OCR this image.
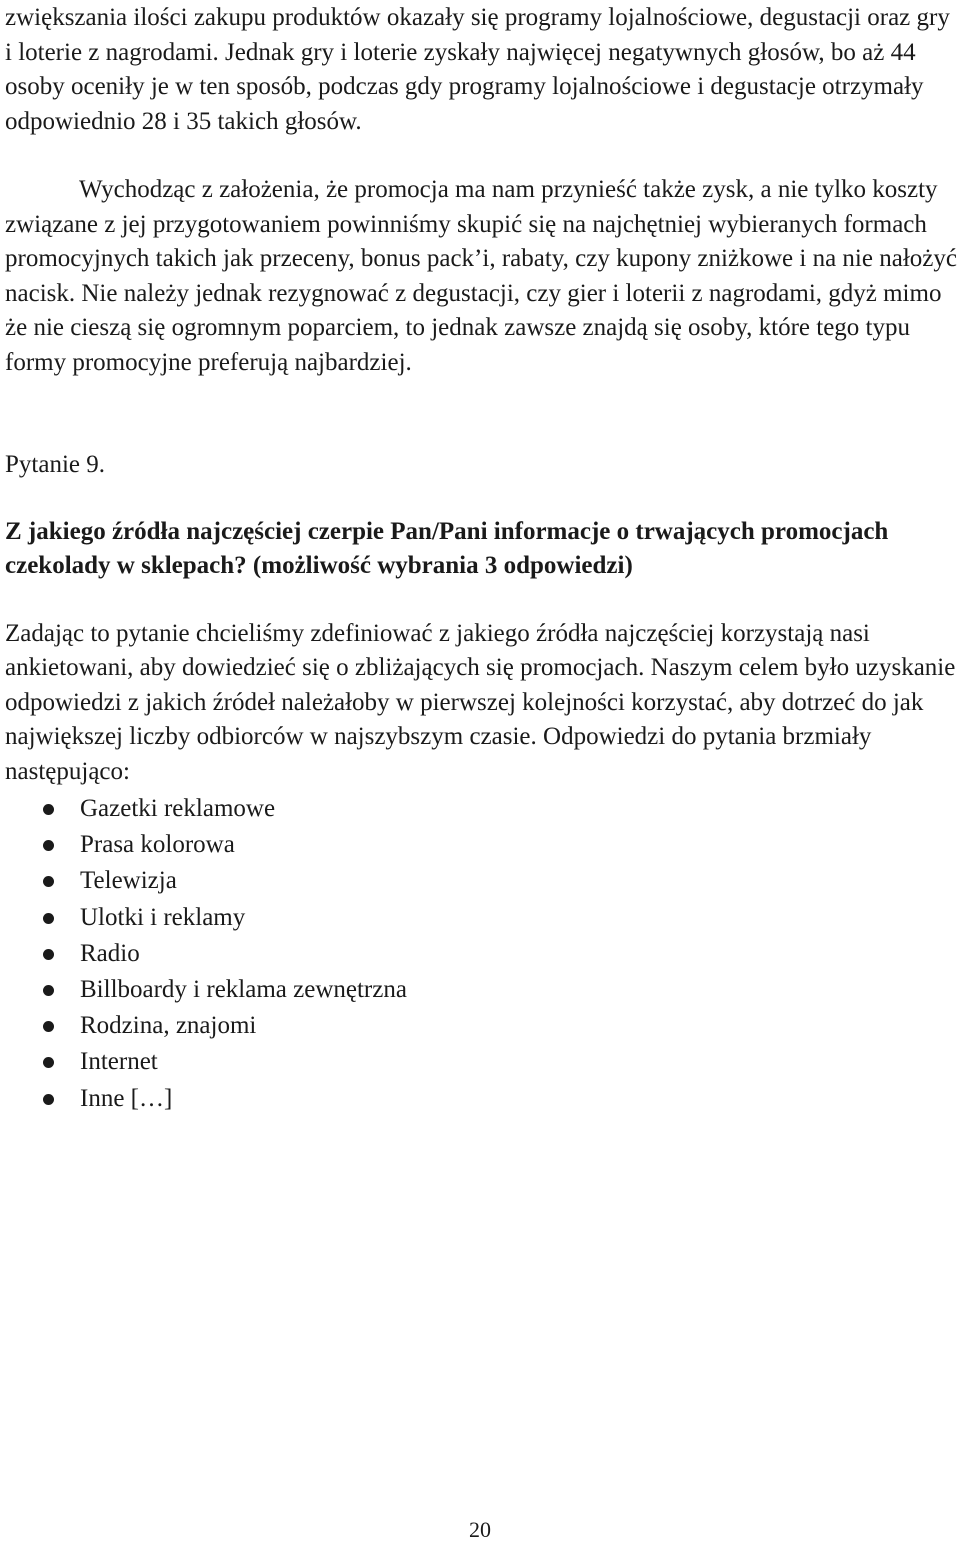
zwiększania ilości zakupu produktów okazały się programy lojalnościowe, degustacji oraz gry i loterie z nagrodami. Jednak gry i loterie zyskały najwięcej negatywnych głosów, bo aż 44 osoby oceniły je w ten sposób, podczas gdy programy lojalnościowe i degustacje otrzymały odpowiednio 28 i 35 takich głosów.

Wychodząc z założenia, że promocja ma nam przynieść także zysk, a nie tylko koszty związane z jej przygotowaniem powinniśmy skupić się na najchętniej wybieranych formach promocyjnych takich jak przeceny, bonus pack’i, rabaty, czy kupony zniżkowe i na nie nałożyć nacisk. Nie należy jednak rezygnować z degustacji, czy gier i loterii z nagrodami, gdyż mimo że nie cieszą się ogromnym poparciem, to jednak zawsze znajdą się osoby, które tego typu formy promocyjne preferują najbardziej.

Pytanie 9.

Z jakiego źródła najczęściej czerpie Pan/Pani informacje o trwających promocjach czekolady w sklepach? (możliwość wybrania 3 odpowiedzi)

Zadając to pytanie chcieliśmy zdefiniować z jakiego źródła najczęściej korzystają nasi ankietowani, aby dowiedzieć się o zbliżających się promocjach. Naszym celem było uzyskanie odpowiedzi z jakich źródeł należałoby w pierwszej kolejności korzystać, aby dotrzeć do jak największej liczby odbiorców w najszybszym czasie. Odpowiedzi do pytania brzmiały następująco:

Gazetki reklamowe
Prasa kolorowa
Telewizja
Ulotki i reklamy
Radio
Billboardy i reklama zewnętrzna
Rodzina, znajomi
Internet
Inne […]
20
